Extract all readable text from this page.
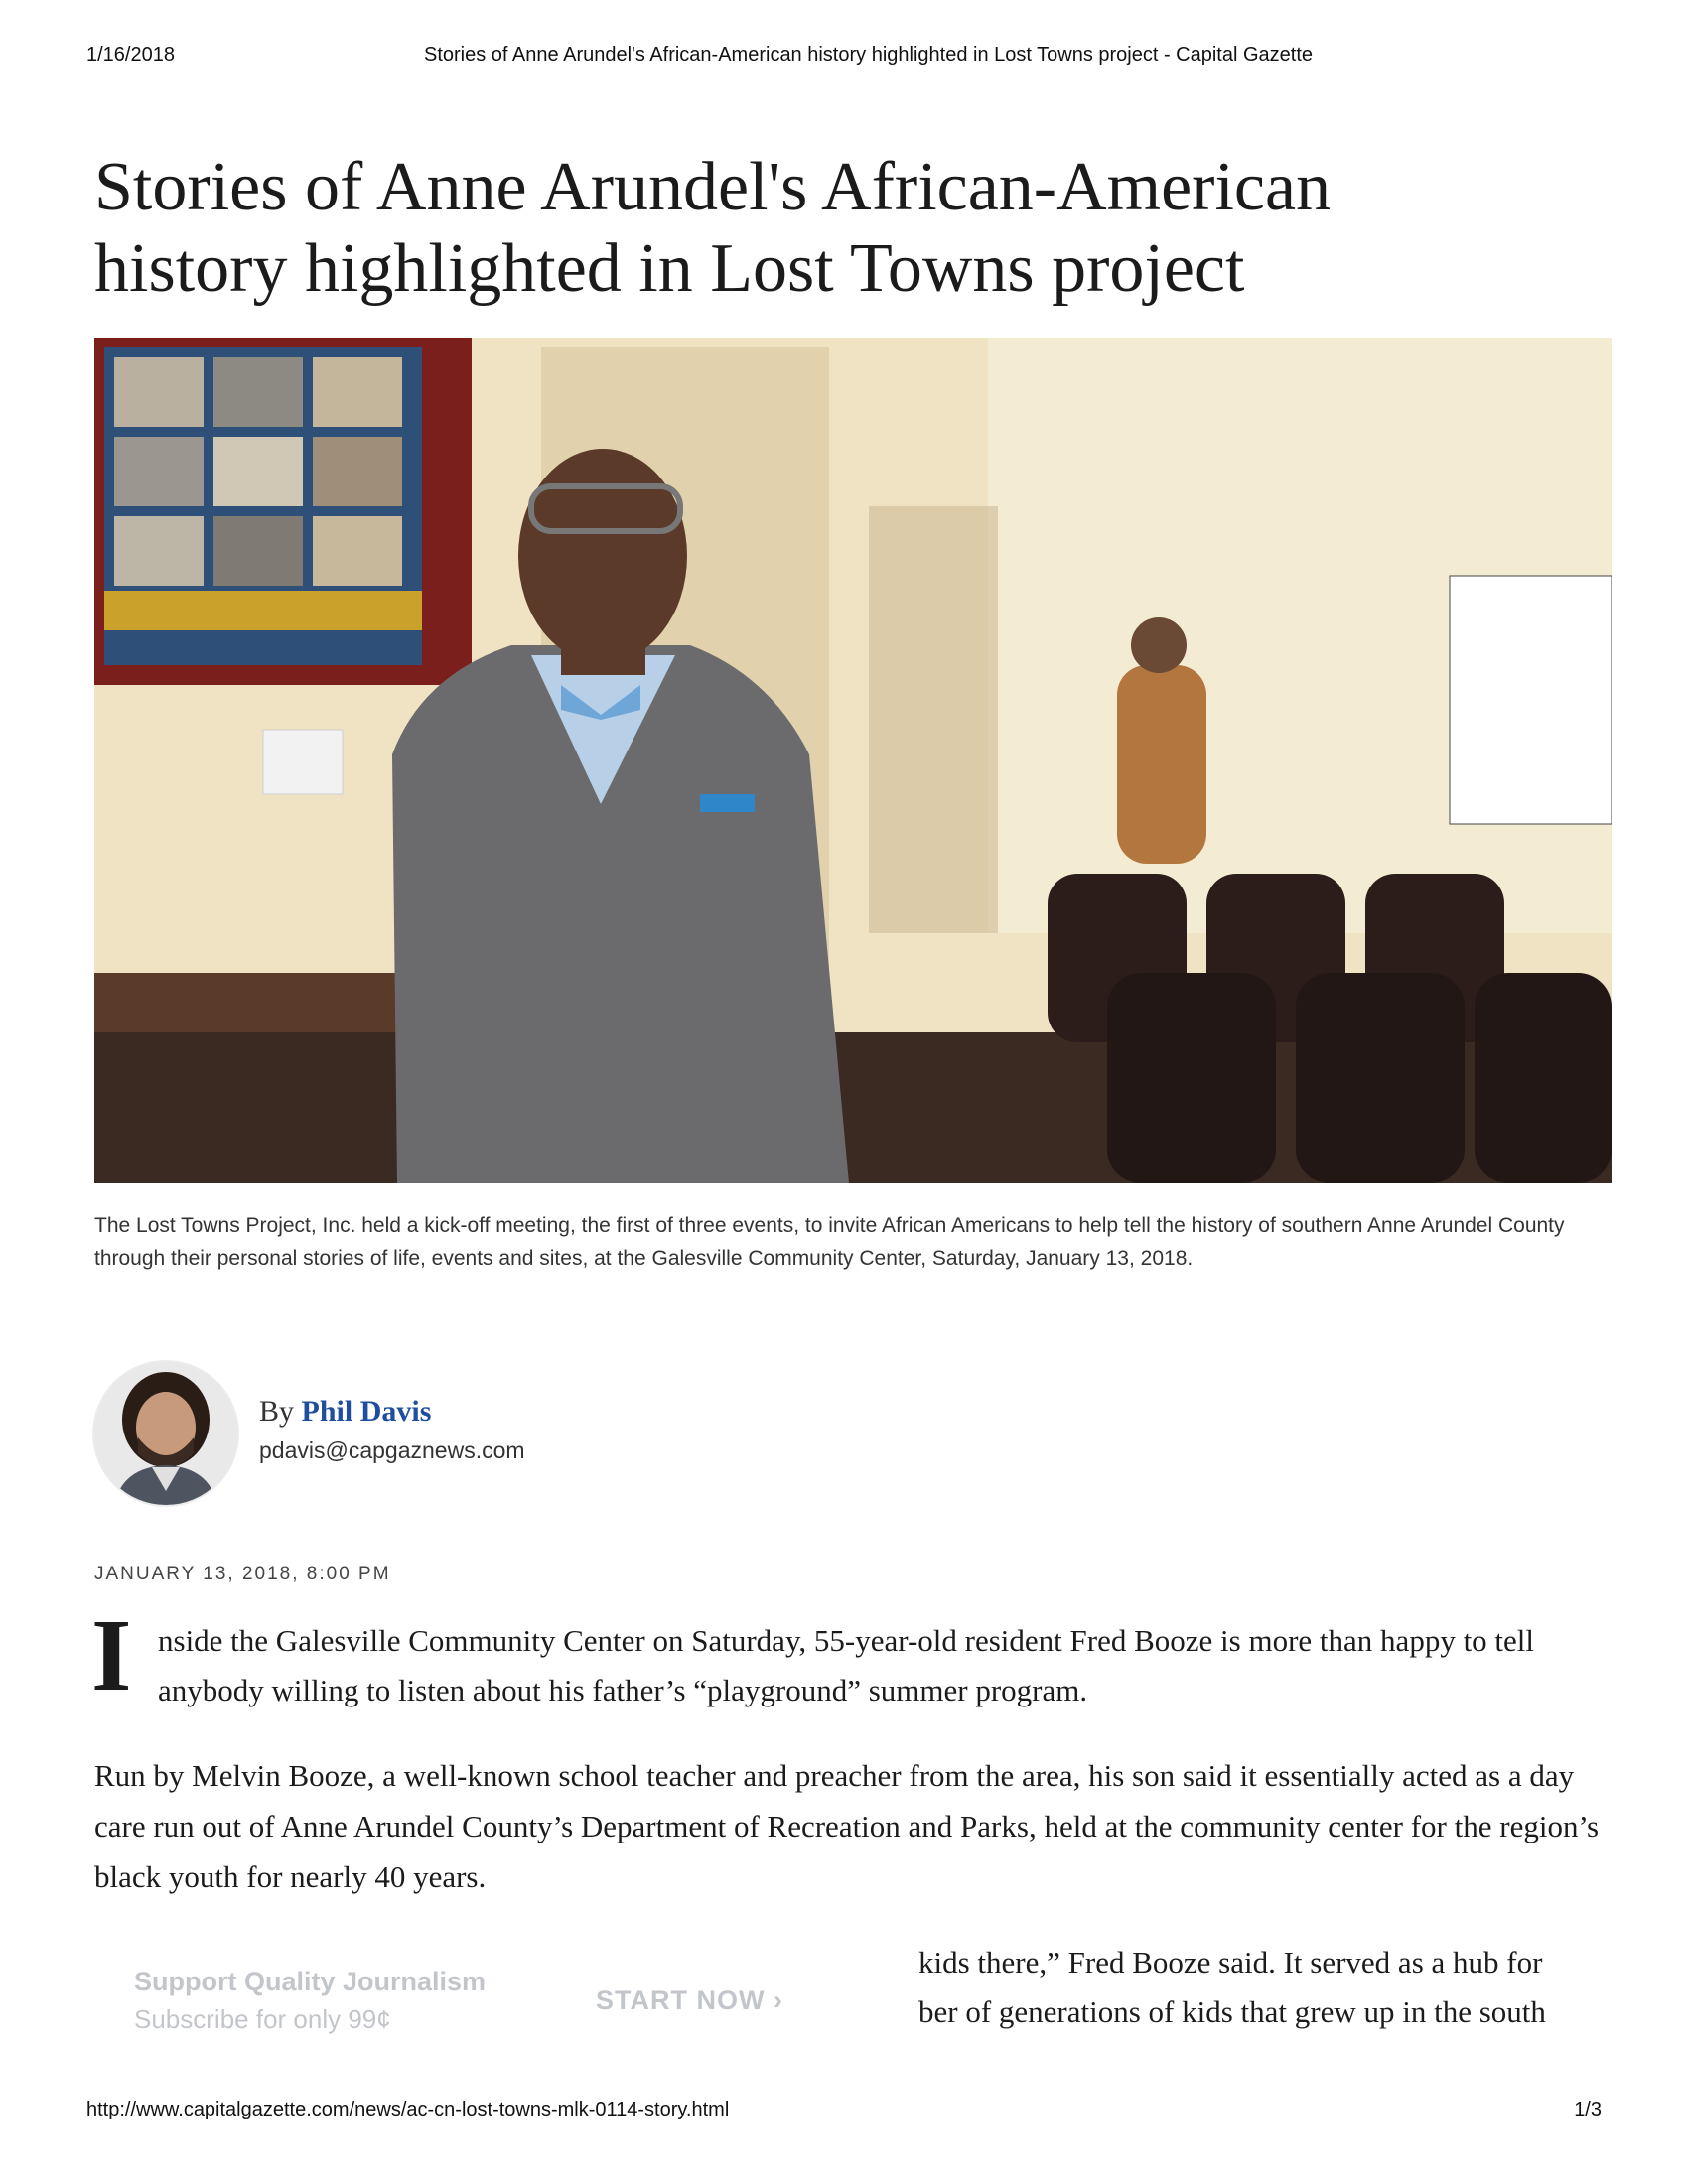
1/16/2018	Stories of Anne Arundel's African-American history highlighted in Lost Towns project - Capital Gazette
Stories of Anne Arundel's African-American
history highlighted in Lost Towns project
The Lost Towns Project, Inc. held a kick-off meeting, the first of three events, to invite African Americans to help tell the history of southern Anne Arundel County through their personal stories of life, events and sites, at the Galesville Community Center, Saturday, January 13, 2018.
By Phil Davis
pdavis@capgaznews.com
JANUARY 13, 2018, 8:00 PM
I nside the Galesville Community Center on Saturday, 55-year-old resident Fred Booze is more than happy to tell anybody willing to listen about his father’s “playground” summer program.
Run by Melvin Booze, a well-known school teacher and preacher from the area, his son said it essentially acted as a day care run out of Anne Arundel County’s Department of Recreation and Parks, held at the community center for the region’s black youth for nearly 40 years.
Support Quality Journalism
Subscribe for only 99¢
START NOW ›
kids there,” Fred Booze said. It served as a hub for
ber of generations of kids that grew up in the south
http://www.capitalgazette.com/news/ac-cn-lost-towns-mlk-0114-story.html	1/3
